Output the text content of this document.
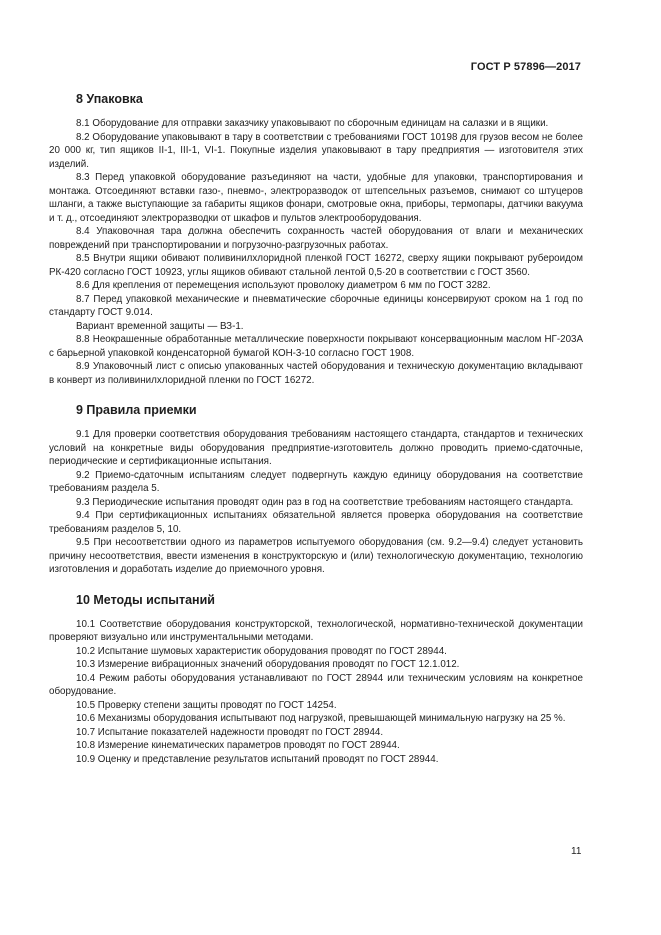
ГОСТ Р 57896—2017
8 Упаковка

8.1 Оборудование для отправки заказчику упаковывают по сборочным единицам на салазки и в ящики.

8.2 Оборудование упаковывают в тару в соответствии с требованиями ГОСТ 10198 для грузов весом не более 20 000 кг, тип ящиков II-1, III-1, VI-1. Покупные изделия упаковывают в тару предприятия — изготовителя этих изделий.

8.3 Перед упаковкой оборудование разъединяют на части, удобные для упаковки, транспортирования и монтажа. Отсоединяют вставки газо-, пневмо-, электроразводок от штепсельных разъемов, снимают со штуцеров шланги, а также выступающие за габариты ящиков фонари, смотровые окна, приборы, термопары, датчики вакуума и т. д., отсоединяют электроразводки от шкафов и пультов электрооборудования.

8.4 Упаковочная тара должна обеспечить сохранность частей оборудования от влаги и механических повреждений при транспортировании и погрузочно-разгрузочных работах.

8.5 Внутри ящики обивают поливинилхлоридной пленкой ГОСТ 16272, сверху ящики покрывают рубероидом РК-420 согласно ГОСТ 10923, углы ящиков обивают стальной лентой 0,5·20 в соответствии с ГОСТ 3560.

8.6 Для крепления от перемещения используют проволоку диаметром 6 мм по ГОСТ 3282.

8.7 Перед упаковкой механические и пневматические сборочные единицы консервируют сроком на 1 год по стандарту ГОСТ 9.014.

Вариант временной защиты — ВЗ-1.

8.8 Неокрашенные обработанные металлические поверхности покрывают консервационным маслом НГ-203А с барьерной упаковкой конденсаторной бумагой КОН-3-10 согласно ГОСТ 1908.

8.9 Упаковочный лист с описью упакованных частей оборудования и техническую документацию вкладывают в конверт из поливинилхлоридной пленки по ГОСТ 16272.

9 Правила приемки

9.1 Для проверки соответствия оборудования требованиям настоящего стандарта, стандартов и технических условий на конкретные виды оборудования предприятие-изготовитель должно проводить приемо-сдаточные, периодические и сертификационные испытания.

9.2 Приемо-сдаточным испытаниям следует подвергнуть каждую единицу оборудования на соответствие требованиям раздела 5.

9.3 Периодические испытания проводят один раз в год на соответствие требованиям настоящего стандарта.

9.4 При сертификационных испытаниях обязательной является проверка оборудования на соответствие требованиям разделов 5, 10.

9.5 При несоответствии одного из параметров испытуемого оборудования (см. 9.2—9.4) следует установить причину несоответствия, ввести изменения в конструкторскую и (или) технологическую документацию, технологию изготовления и доработать изделие до приемочного уровня.

10 Методы испытаний

10.1 Соответствие оборудования конструкторской, технологической, нормативно-технической документации проверяют визуально или инструментальными методами.

10.2 Испытание шумовых характеристик оборудования проводят по ГОСТ 28944.

10.3 Измерение вибрационных значений оборудования проводят по ГОСТ 12.1.012.

10.4 Режим работы оборудования устанавливают по ГОСТ 28944 или техническим условиям на конкретное оборудование.

10.5 Проверку степени защиты проводят по ГОСТ 14254.

10.6 Механизмы оборудования испытывают под нагрузкой, превышающей минимальную нагрузку на 25 %.

10.7 Испытание показателей надежности проводят по ГОСТ 28944.

10.8 Измерение кинематических параметров проводят по ГОСТ 28944.

10.9 Оценку и представление результатов испытаний проводят по ГОСТ 28944.

11
